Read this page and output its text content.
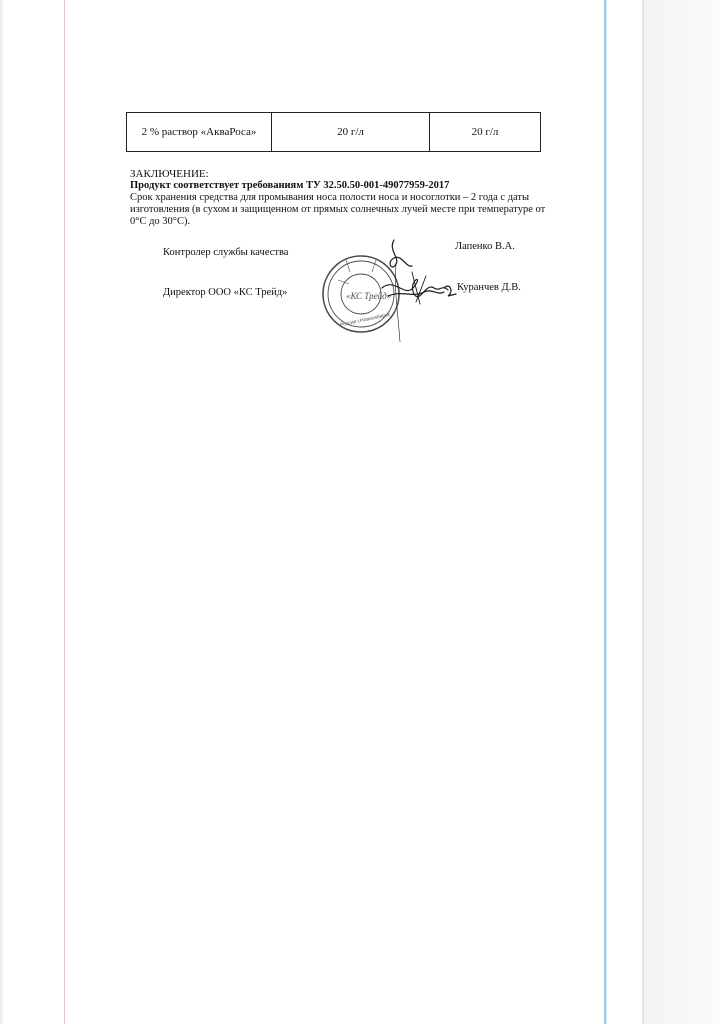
2 % раствор «АкваРоса»	20 г/л	20 г/л
ЗАКЛЮЧЕНИЕ:
Продукт соответствует требованиям ТУ 32.50.50-001-49077959-2017
Срок хранения средства для промывания носа полости носа и носоглотки – 2 года с даты изготовления (в сухом и защищенном от прямых солнечных лучей месте при температуре от 0°С до 30°С).
Контролер службы качества
Лапенко В.А.
Директор ООО «КС Трейд»	Куранчев Д.В.
«КС Трейд»
Россия г.Новосибирск
